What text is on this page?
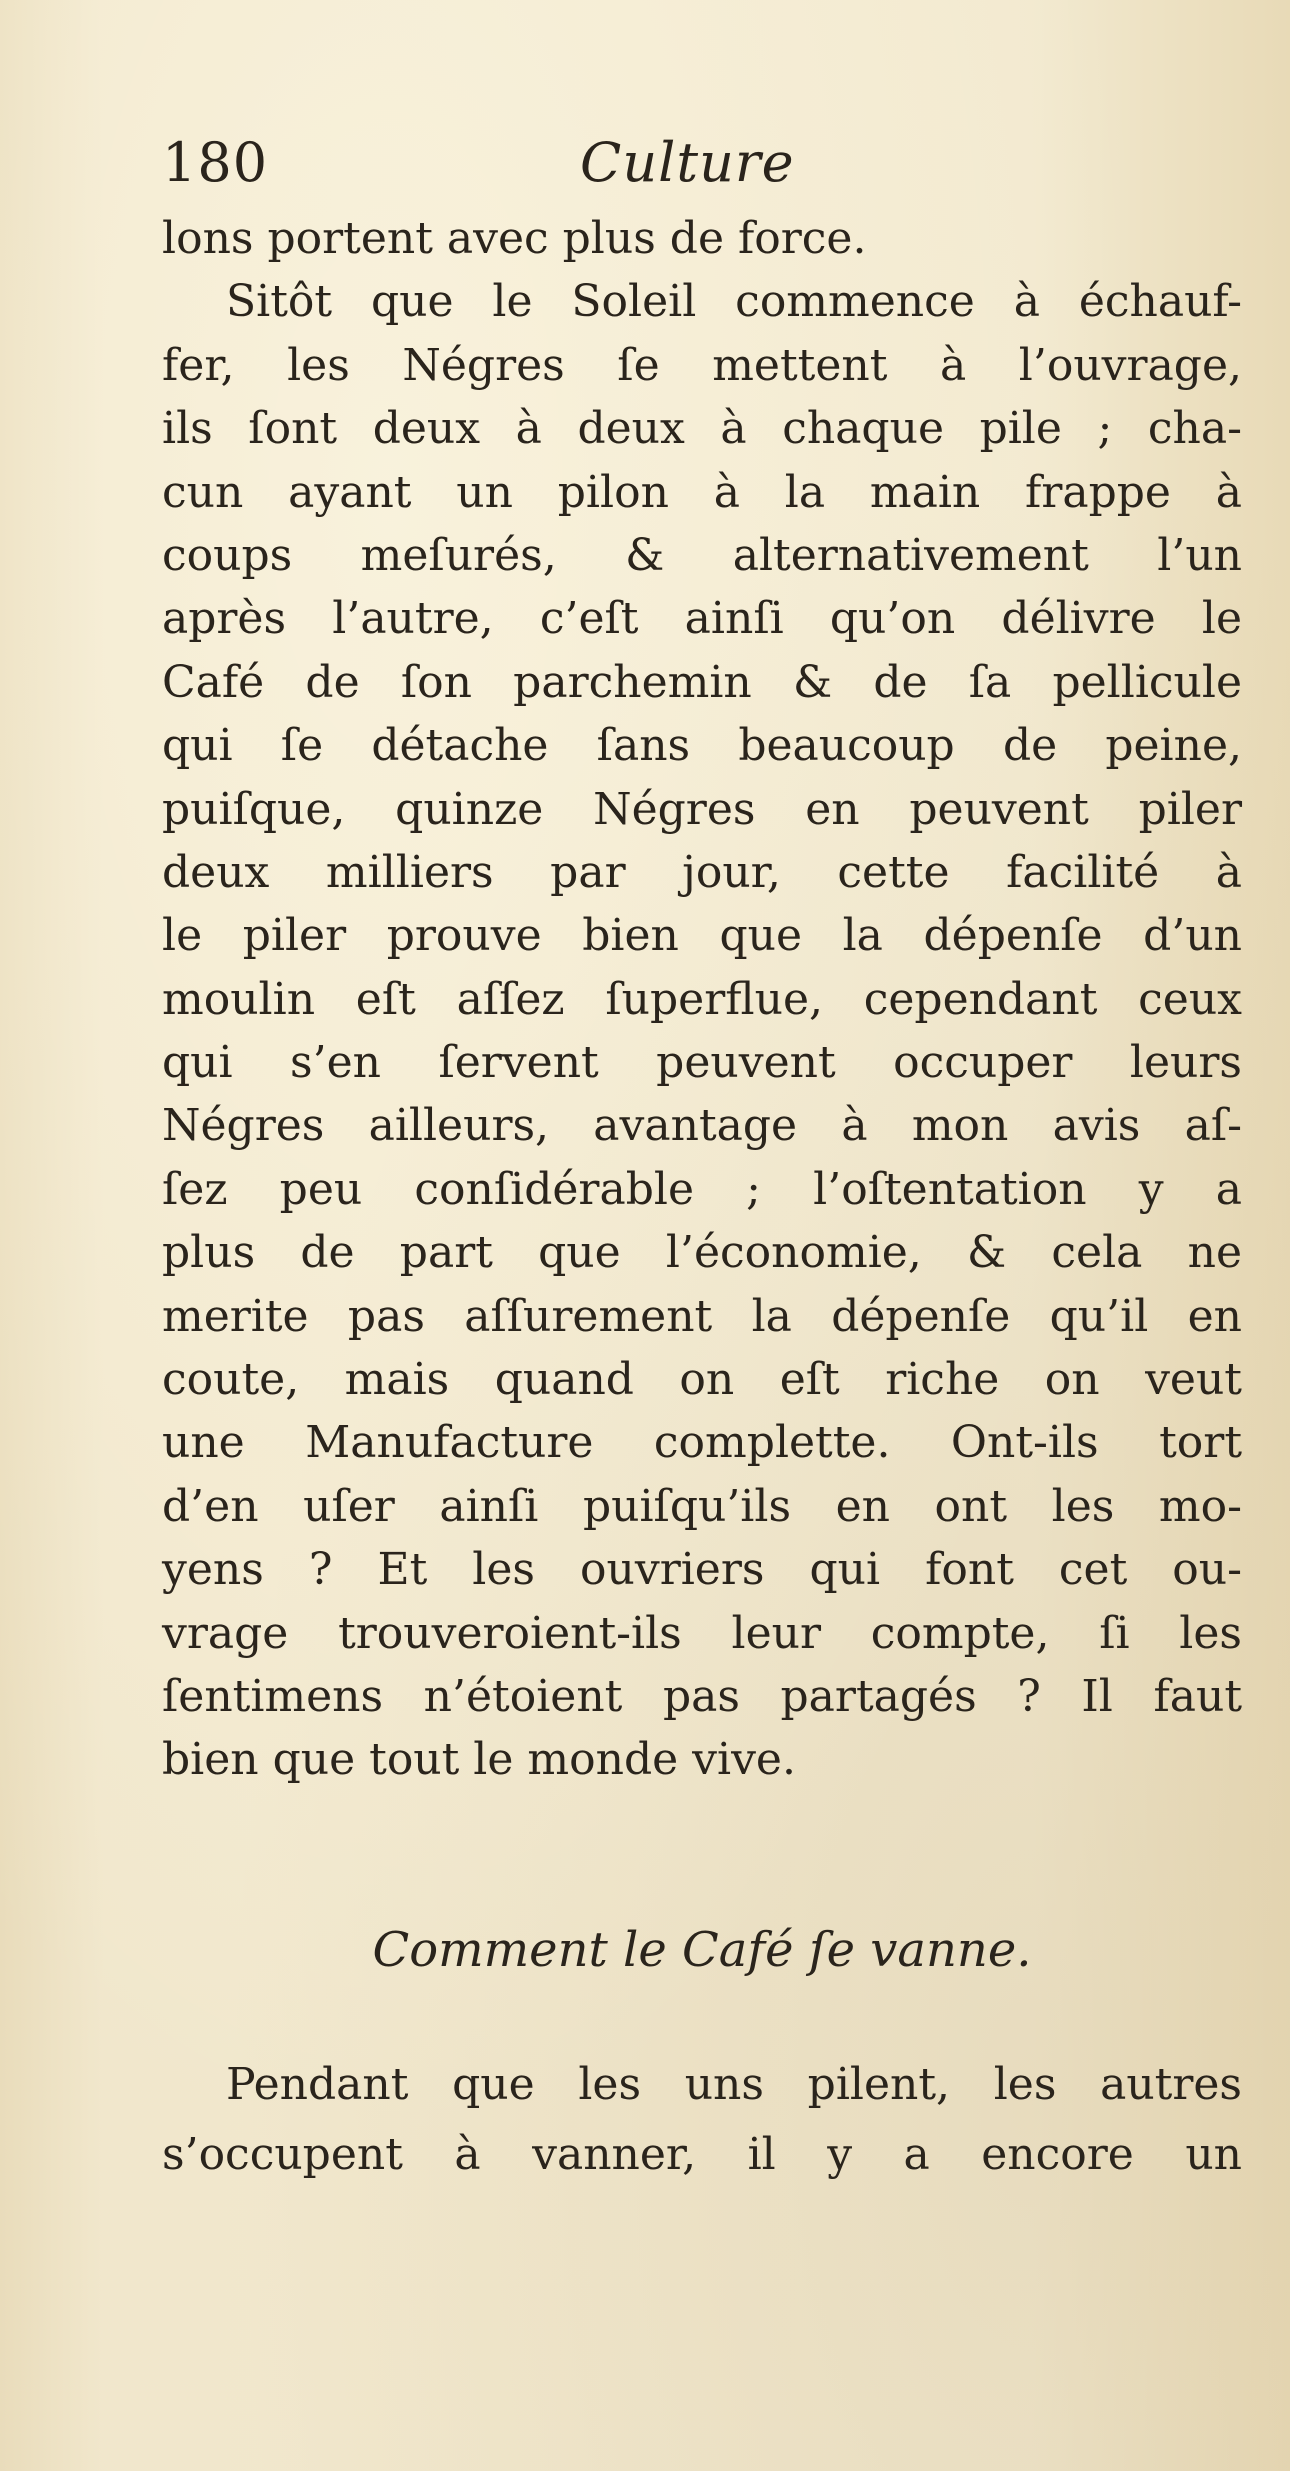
180	Culture
lons portent avec plus de force.
Sitôt que le Soleil commence à échauf-
fer, les Négres ſe mettent à l’ouvrage,
ils ſont deux à deux à chaque pile ; cha-
cun ayant un pilon à la main frappe à
coups meſurés, & alternativement l’un
après l’autre, c’eſt ainſi qu’on délivre le
Café de ſon parchemin & de ſa pellicule
qui ſe détache ſans beaucoup de peine,
puiſque, quinze Négres en peuvent piler
deux milliers par jour, cette facilité à
le piler prouve bien que la dépenſe d’un
moulin eſt aſſez ſuperflue, cependant ceux
qui s’en ſervent peuvent occuper leurs
Négres ailleurs, avantage à mon avis aſ-
ſez peu conſidérable ; l’oſtentation y a
plus de part que l’économie, & cela ne
merite pas aſſurement la dépenſe qu’il en
coute, mais quand on eſt riche on veut
une Manufacture complette. Ont-ils tort
d’en uſer ainſi puiſqu’ils en ont les mo-
yens ? Et les ouvriers qui font cet ou-
vrage trouveroient-ils leur compte, ſi les
ſentimens n’étoient pas partagés ? Il faut
bien que tout le monde vive.
Comment le Café ſe vanne.
Pendant que les uns pilent, les autres
s’occupent à vanner, il y a encore un
